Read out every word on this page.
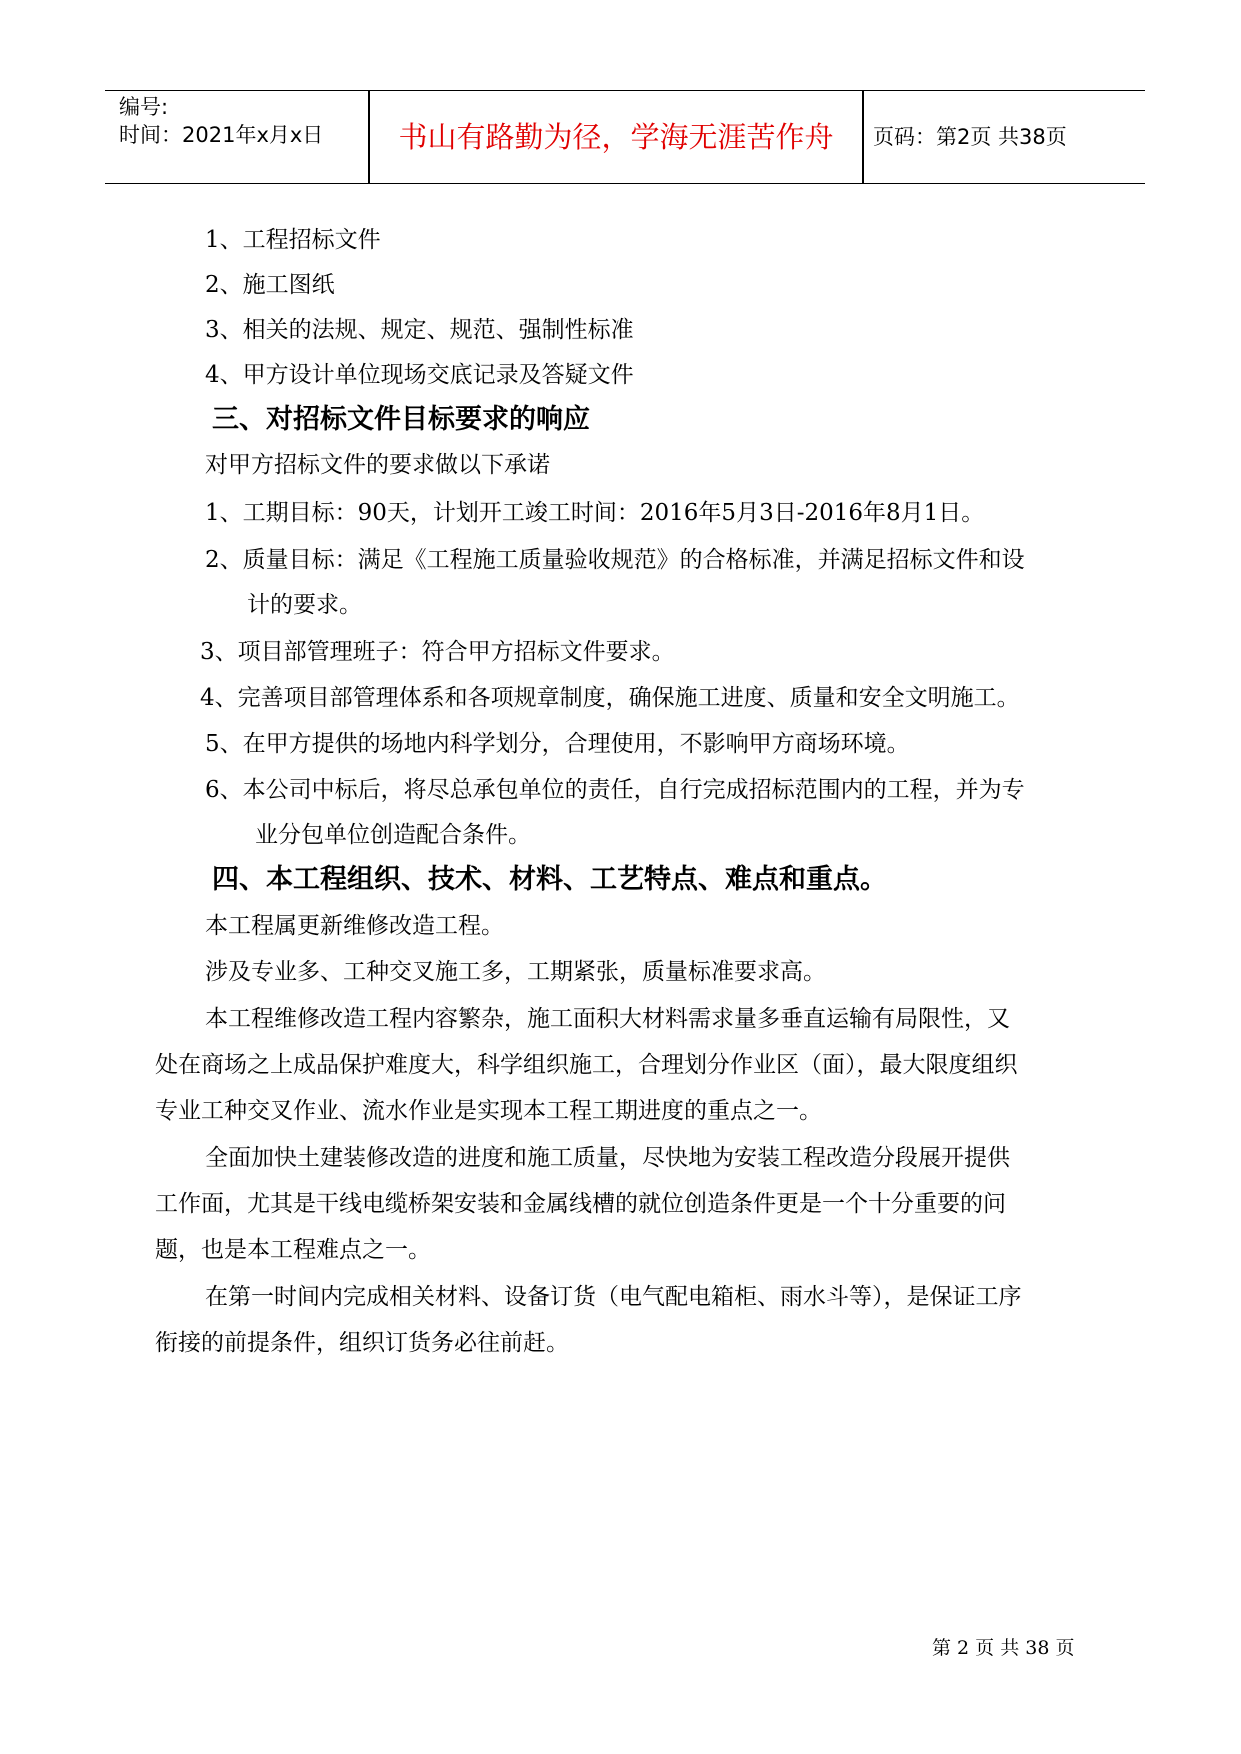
编号:
时间：2021年x月x日	书山有路勤为径，学海无涯苦作舟	页码：第2页 共38页
1、工程招标文件
2、施工图纸
3、相关的法规、规定、规范、强制性标准
4、甲方设计单位现场交底记录及答疑文件
三、对招标文件目标要求的响应
对甲方招标文件的要求做以下承诺
1、工期目标：90天，计划开工竣工时间：2016年5月3日-2016年8月1日。
2、质量目标：满足《工程施工质量验收规范》的合格标准，并满足招标文件和设
计的要求。
3、项目部管理班子：符合甲方招标文件要求。
4、完善项目部管理体系和各项规章制度，确保施工进度、质量和安全文明施工。
5、在甲方提供的场地内科学划分，合理使用，不影响甲方商场环境。
6、本公司中标后，将尽总承包单位的责任，自行完成招标范围内的工程，并为专
业分包单位创造配合条件。
四、本工程组织、技术、材料、工艺特点、难点和重点。
本工程属更新维修改造工程。
涉及专业多、工种交叉施工多，工期紧张，质量标准要求高。
本工程维修改造工程内容繁杂，施工面积大材料需求量多垂直运输有局限性，又
处在商场之上成品保护难度大，科学组织施工，合理划分作业区（面），最大限度组织
专业工种交叉作业、流水作业是实现本工程工期进度的重点之一。
全面加快土建装修改造的进度和施工质量，尽快地为安装工程改造分段展开提供
工作面，尤其是干线电缆桥架安装和金属线槽的就位创造条件更是一个十分重要的问
题，也是本工程难点之一。
在第一时间内完成相关材料、设备订货（电气配电箱柜、雨水斗等），是保证工序
衔接的前提条件，组织订货务必往前赶。
第 2 页 共 38 页
